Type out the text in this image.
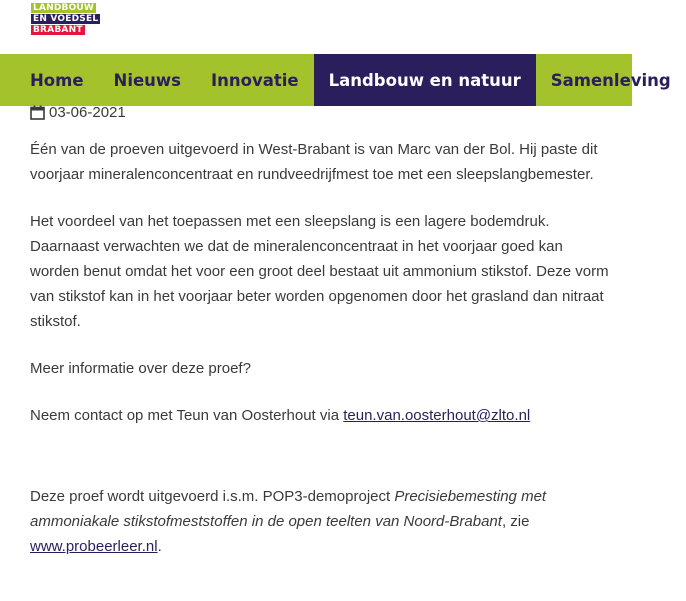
LANDBOUW
EN VOEDSEL
BRABANT
Home	Nieuws	Innovatie	Landbouw en natuur	Samenleving
03-06-2021

Één van de proeven uitgevoerd in West-Brabant is van Marc van der Bol. Hij paste dit voorjaar mineralenconcentraat en rundveedrijfmest toe met een sleepslangbemester.

Het voordeel van het toepassen met een sleepslang is een lagere bodemdruk. Daarnaast verwachten we dat de mineralenconcentraat in het voorjaar goed kan worden benut omdat het voor een groot deel bestaat uit ammonium stikstof. Deze vorm van stikstof kan in het voorjaar beter worden opgenomen door het grasland dan nitraat stikstof.

Meer informatie over deze proef?

Neem contact op met Teun van Oosterhout via teun.van.oosterhout@zlto.nl

Deze proef wordt uitgevoerd i.s.m. POP3-demoproject Precisiebemesting met ammoniakale stikstofmeststoffen in de open teelten van Noord-Brabant, zie www.probeerleer.nl.
